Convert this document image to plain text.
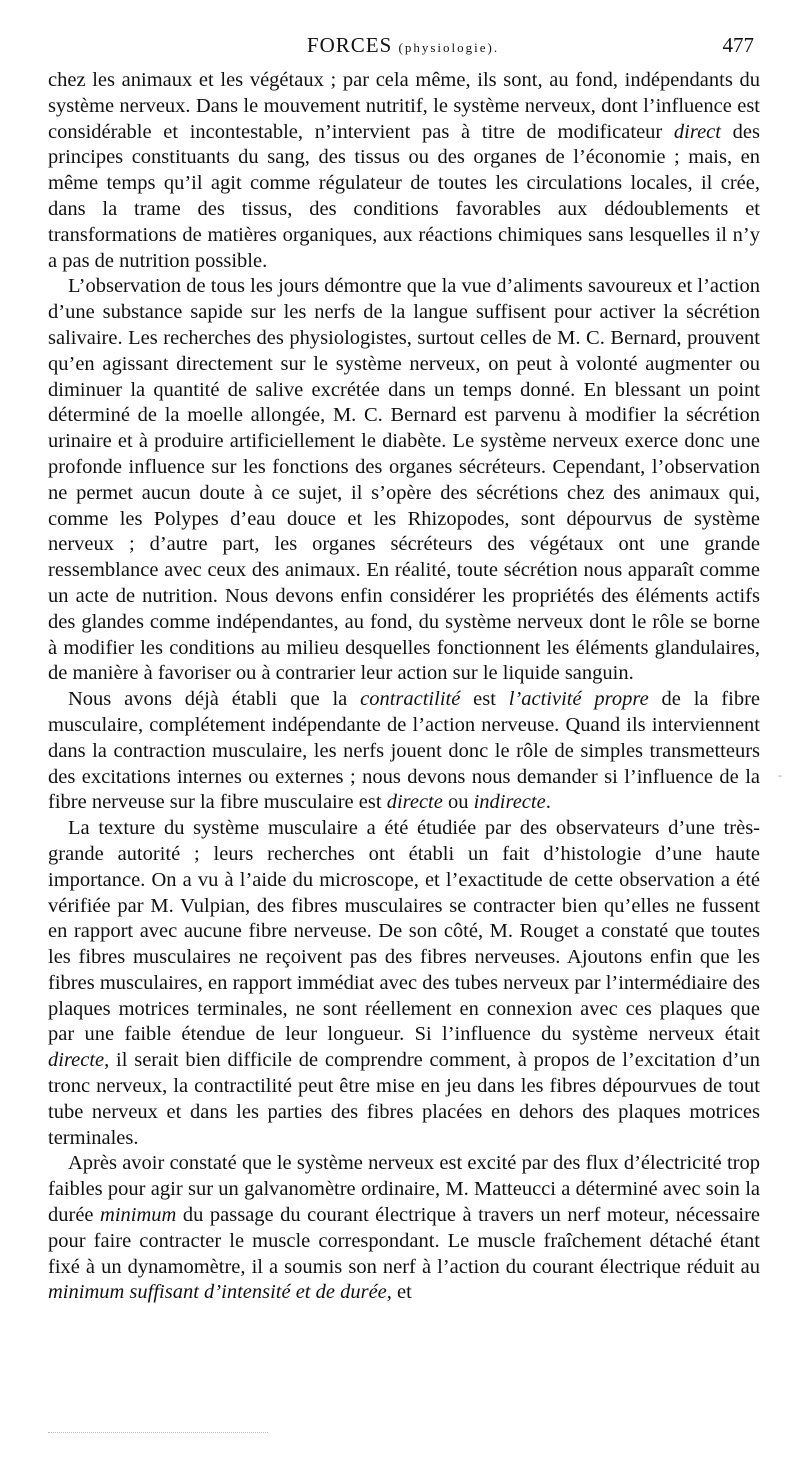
FORCES (physiologie).	477

chez les animaux et les végétaux ; par cela même, ils sont, au fond, indépendants du système nerveux. Dans le mouvement nutritif, le système nerveux, dont l’influence est considérable et incontestable, n’intervient pas à titre de modificateur direct des principes constituants du sang, des tissus ou des organes de l’économie ; mais, en même temps qu’il agit comme régulateur de toutes les circulations locales, il crée, dans la trame des tissus, des conditions favorables aux dédoublements et transformations de matières organiques, aux réactions chimiques sans lesquelles il n’y a pas de nutrition possible.

L’observation de tous les jours démontre que la vue d’aliments savoureux et l’action d’une substance sapide sur les nerfs de la langue suffisent pour activer la sécrétion salivaire. Les recherches des physiologistes, surtout celles de M. C. Bernard, prouvent qu’en agissant directement sur le système nerveux, on peut à volonté augmenter ou diminuer la quantité de salive excrétée dans un temps donné. En blessant un point déterminé de la moelle allongée, M. C. Bernard est parvenu à modifier la sécrétion urinaire et à produire artificiellement le diabète. Le système nerveux exerce donc une profonde influence sur les fonctions des organes sécréteurs. Cependant, l’observation ne permet aucun doute à ce sujet, il s’opère des sécrétions chez des animaux qui, comme les Polypes d’eau douce et les Rhizopodes, sont dépourvus de système nerveux ; d’autre part, les organes sécréteurs des végétaux ont une grande ressemblance avec ceux des animaux. En réalité, toute sécrétion nous apparaît comme un acte de nutrition. Nous devons enfin considérer les propriétés des éléments actifs des glandes comme indépendantes, au fond, du système nerveux dont le rôle se borne à modifier les conditions au milieu desquelles fonctionnent les éléments glandulaires, de manière à favoriser ou à contrarier leur action sur le liquide sanguin.

Nous avons déjà établi que la contractilité est l’activité propre de la fibre musculaire, complétement indépendante de l’action nerveuse. Quand ils interviennent dans la contraction musculaire, les nerfs jouent donc le rôle de simples transmetteurs des excitations internes ou externes ; nous devons nous demander si l’influence de la fibre nerveuse sur la fibre musculaire est directe ou indirecte.

La texture du système musculaire a été étudiée par des observateurs d’une très-grande autorité ; leurs recherches ont établi un fait d’histologie d’une haute importance. On a vu à l’aide du microscope, et l’exactitude de cette observation a été vérifiée par M. Vulpian, des fibres musculaires se contracter bien qu’elles ne fussent en rapport avec aucune fibre nerveuse. De son côté, M. Rouget a constaté que toutes les fibres musculaires ne reçoivent pas des fibres nerveuses. Ajoutons enfin que les fibres musculaires, en rapport immédiat avec des tubes nerveux par l’intermédiaire des plaques motrices terminales, ne sont réellement en connexion avec ces plaques que par une faible étendue de leur longueur. Si l’influence du système nerveux était directe, il serait bien difficile de comprendre comment, à propos de l’excitation d’un tronc nerveux, la contractilité peut être mise en jeu dans les fibres dépourvues de tout tube nerveux et dans les parties des fibres placées en dehors des plaques motrices terminales.

Après avoir constaté que le système nerveux est excité par des flux d’électricité trop faibles pour agir sur un galvanomètre ordinaire, M. Matteucci a déterminé avec soin la durée minimum du passage du courant électrique à travers un nerf moteur, nécessaire pour faire contracter le muscle correspondant. Le muscle fraîchement détaché étant fixé à un dynamomètre, il a soumis son nerf à l’action du courant électrique réduit au minimum suffisant d’intensité et de durée, et

-
